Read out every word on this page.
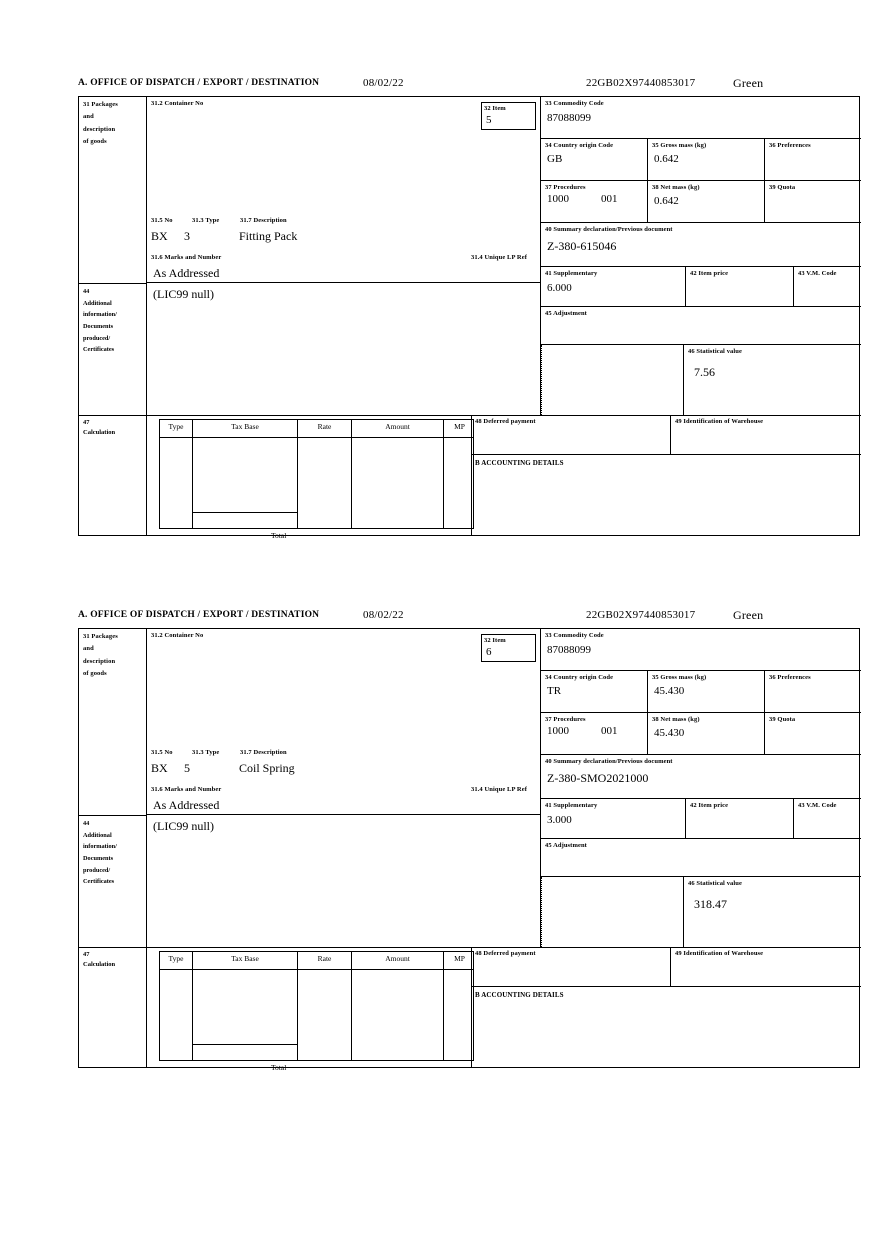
A. OFFICE OF DISPATCH / EXPORT / DESTINATION	08/02/22	22GB02X97440853017	Green
31 Packages
and
description
of goods
31.2 Container No
31.5 No	31.3 Type	31.7 Description
BX 3	Fitting Pack
31.6 Marks and Number	31.4 Unique LP Ref
As Addressed
32 Item
5
33 Commodity Code
87088099
34 Country origin Code
GB
35 Gross mass (kg)
0.642
36 Preferences
37 Procedures
1000	001
38 Net mass (kg)
0.642
39 Quota
40 Summary declaration/Previous document
Z-380-615046
41 Supplementary
6.000
42 Item price	43 V.M. Code
44
Additional
information/
Documents
produced/
Certificates
(LIC99 null)
45 Adjustment
46 Statistical value
7.56
47
Calculation
Type	Tax Base	Rate	Amount	MP
Total
48 Deferred payment	49 Identification of Warehouse
B ACCOUNTING DETAILS
A. OFFICE OF DISPATCH / EXPORT / DESTINATION	08/02/22	22GB02X97440853017	Green
31 Packages
and
description
of goods
31.2 Container No
31.5 No	31.3 Type	31.7 Description
BX 5	Coil Spring
31.6 Marks and Number	31.4 Unique LP Ref
As Addressed
32 Item
6
33 Commodity Code
87088099
34 Country origin Code
TR
35 Gross mass (kg)
45.430
36 Preferences
37 Procedures
1000	001
38 Net mass (kg)
45.430
39 Quota
40 Summary declaration/Previous document
Z-380-SMO2021000
41 Supplementary
3.000
42 Item price	43 V.M. Code
44
Additional
information/
Documents
produced/
Certificates
(LIC99 null)
45 Adjustment
46 Statistical value
318.47
47
Calculation
Type	Tax Base	Rate	Amount	MP
Total
48 Deferred payment	49 Identification of Warehouse
B ACCOUNTING DETAILS
